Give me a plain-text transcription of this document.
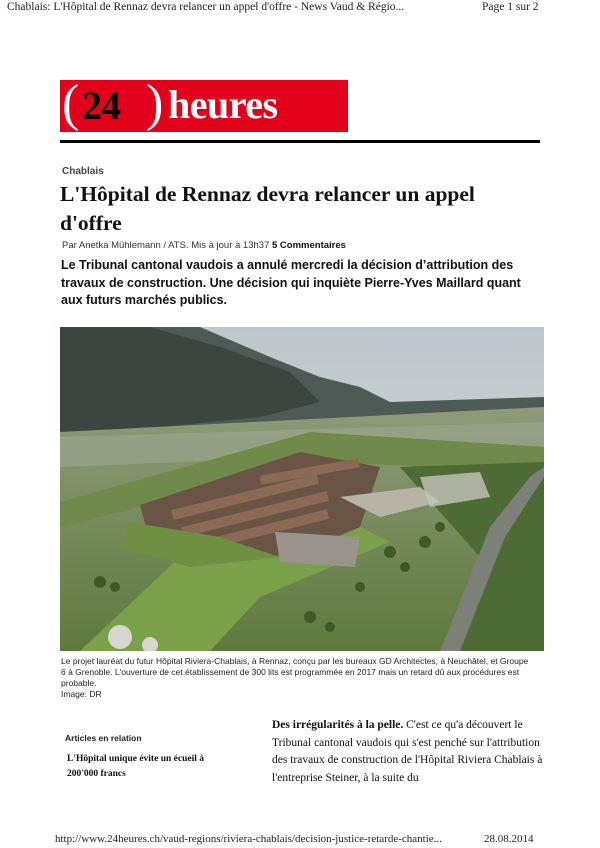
Chablais: L'Hôpital de Rennaz devra relancer un appel d'offre - News Vaud & Régio...	Page 1 sur 2
( 24 ) heures
Chablais
L'Hôpital de Rennaz devra relancer un appel d'offre
Par Anetka Mühlemann / ATS. Mis à jour à 13h37 5 Commentaires
Le Tribunal cantonal vaudois a annulé mercredi la décision d’attribution des travaux de construction. Une décision qui inquiète Pierre-Yves Maillard quant aux futurs marchés publics.
Le projet lauréat du futur Hôpital Riviera-Chablais, à Rennaz, conçu par les bureaux GD Architectes, à Neuchâtel, et Groupe 6 à Grenoble. L'ouverture de cet établissement de 300 lits est programmée en 2017 mais un retard dû aux procédures est probable.
Image: DR
Articles en relation
L'Hôpital unique évite un écueil à 200'000 francs
Des irrégularités à la pelle. C'est ce qu'a découvert le Tribunal cantonal vaudois qui s'est penché sur l'attribution des travaux de construction de l'Hôpital Riviera Chablais à l'entreprise Steiner, à la suite du
http://www.24heures.ch/vaud-regions/riviera-chablais/decision-justice-retarde-chantie...	28.08.2014
